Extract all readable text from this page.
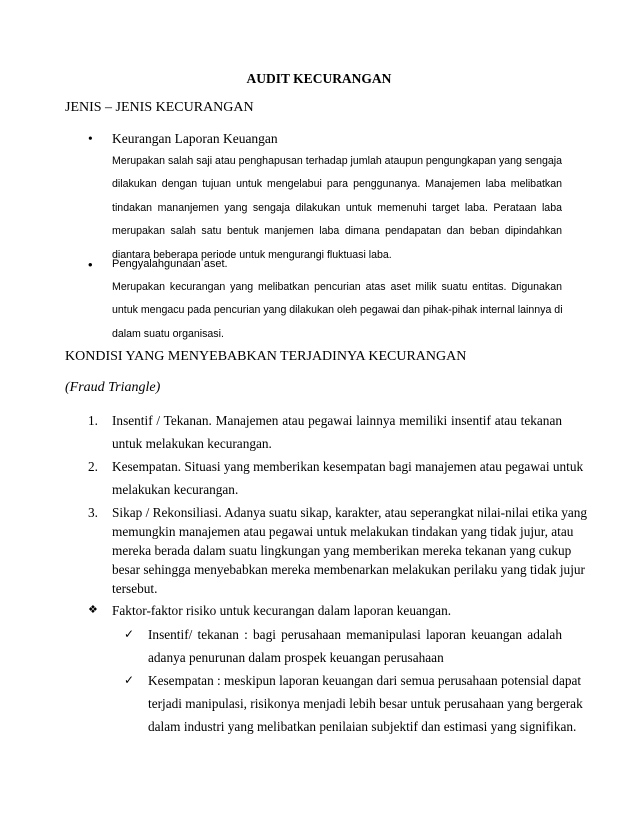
AUDIT KECURANGAN
JENIS – JENIS KECURANGAN
• Keurangan Laporan Keuangan
Merupakan salah saji atau penghapusan terhadap jumlah ataupun pengungkapan yang sengaja
dilakukan dengan tujuan untuk mengelabui para penggunanya. Manajemen laba melibatkan
tindakan mananjemen yang sengaja dilakukan untuk memenuhi target laba. Perataan laba
merupakan salah satu bentuk manjemen laba dimana pendapatan dan beban dipindahkan
diantara beberapa periode untuk mengurangi fluktuasi laba.
• Pengyalahgunaan aset.
Merupakan kecurangan yang melibatkan pencurian atas aset milik suatu entitas. Digunakan
untuk mengacu pada pencurian yang dilakukan oleh pegawai dan pihak-pihak internal lainnya di
dalam suatu organisasi.
KONDISI YANG MENYEBABKAN TERJADINYA KECURANGAN
(Fraud Triangle)
1. Insentif / Tekanan. Manajemen atau pegawai lainnya memiliki insentif atau tekanan
untuk melakukan kecurangan.
2. Kesempatan. Situasi yang memberikan kesempatan bagi manajemen atau pegawai untuk
melakukan kecurangan.
3. Sikap / Rekonsiliasi. Adanya suatu sikap, karakter, atau seperangkat nilai-nilai etika yang
memungkin manajemen atau pegawai untuk melakukan tindakan yang tidak jujur, atau
mereka berada dalam suatu lingkungan yang memberikan mereka tekanan yang cukup
besar sehingga menyebabkan mereka membenarkan melakukan perilaku yang tidak jujur
tersebut.
❖ Faktor-faktor risiko untuk kecurangan dalam laporan keuangan.
✓ Insentif/ tekanan : bagi perusahaan memanipulasi laporan keuangan adalah
adanya penurunan dalam prospek keuangan perusahaan
✓ Kesempatan : meskipun laporan keuangan dari semua perusahaan potensial dapat
terjadi manipulasi, risikonya menjadi lebih besar untuk perusahaan yang bergerak
dalam industri yang melibatkan penilaian subjektif dan estimasi yang signifikan.
